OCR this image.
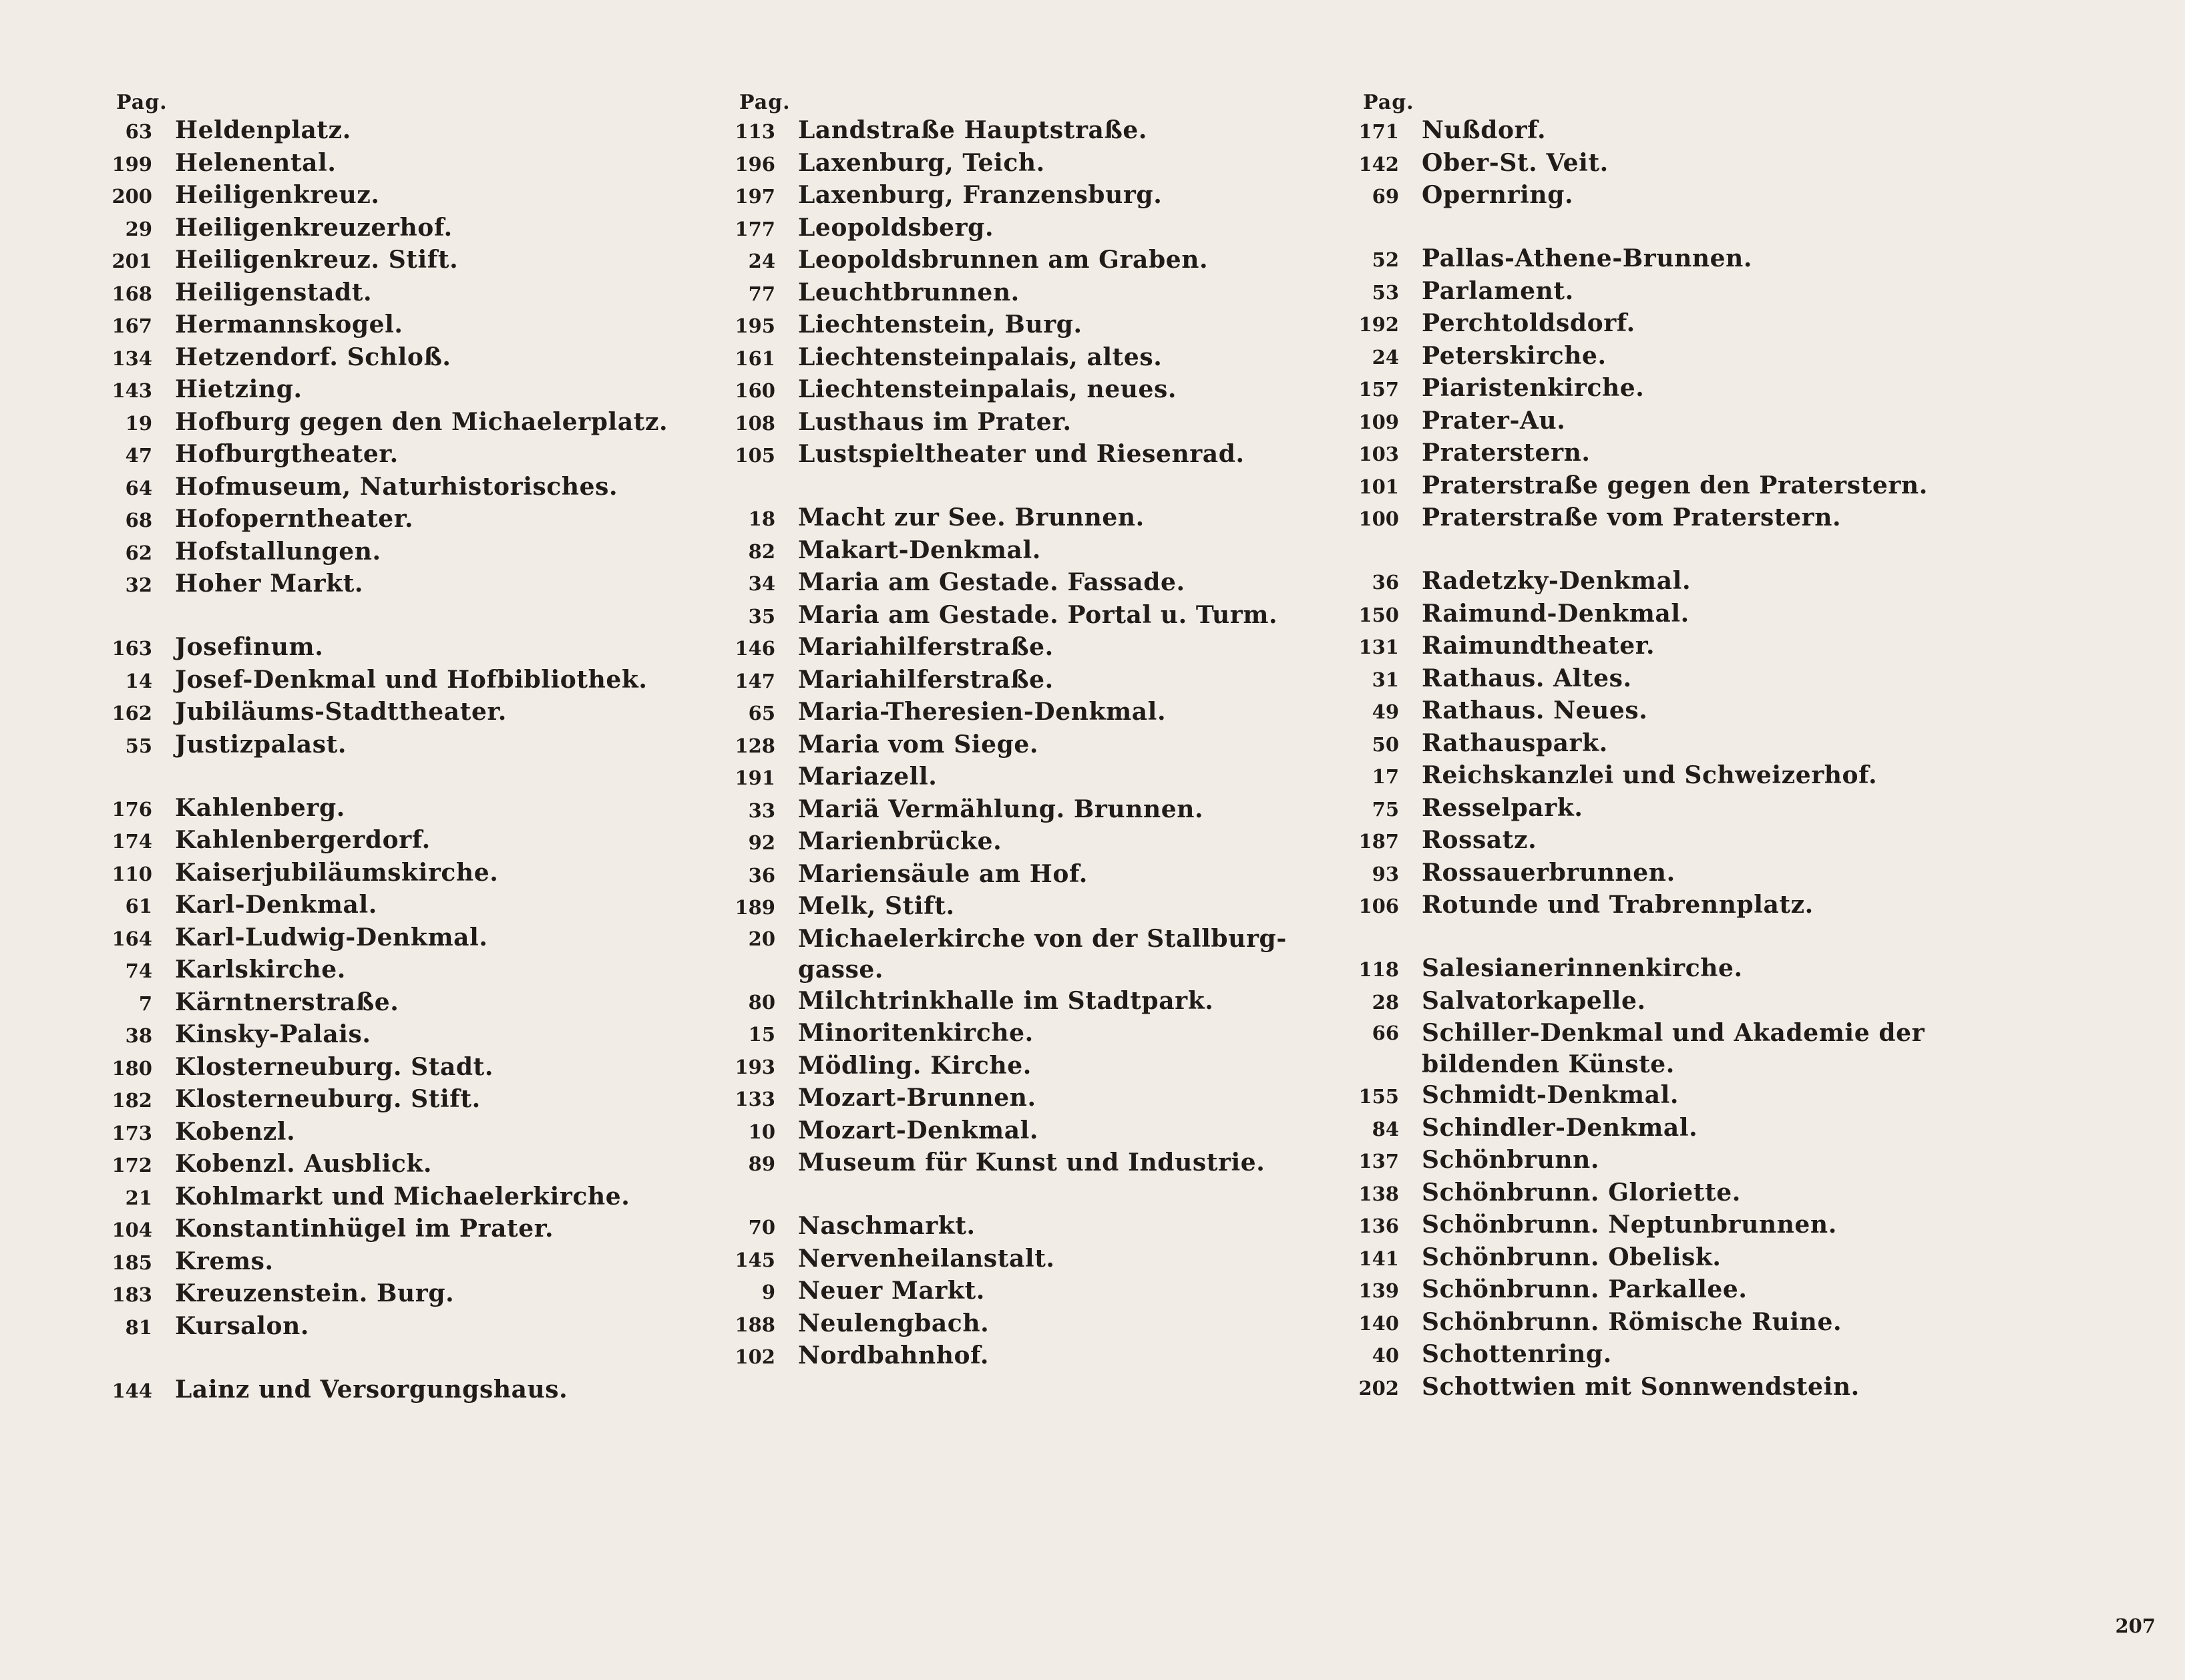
Pag.
63 Heldenplatz.
199 Helenental.
200 Heiligenkreuz.
29 Heiligenkreuzerhof.
201 Heiligenkreuz. Stift.
168 Heiligenstadt.
167 Hermannskogel.
134 Hetzendorf. Schloß.
143 Hietzing.
19 Hofburg gegen den Michaelerplatz.
47 Hofburgtheater.
64 Hofmuseum, Naturhistorisches.
68 Hofoperntheater.
62 Hofstallungen.
32 Hoher Markt.
163 Josefinum.
14 Josef-Denkmal und Hofbibliothek.
162 Jubiläums-Stadttheater.
55 Justizpalast.
176 Kahlenberg.
174 Kahlenbergerdorf.
110 Kaiserjubiläumskirche.
61 Karl-Denkmal.
164 Karl-Ludwig-Denkmal.
74 Karlskirche.
7 Kärntnerstraße.
38 Kinsky-Palais.
180 Klosterneuburg. Stadt.
182 Klosterneuburg. Stift.
173 Kobenzl.
172 Kobenzl. Ausblick.
21 Kohlmarkt und Michaelerkirche.
104 Konstantinhügel im Prater.
185 Krems.
183 Kreuzenstein. Burg.
81 Kursalon.
144 Lainz und Versorgungshaus.
Pag.
113 Landstraße Hauptstraße.
196 Laxenburg, Teich.
197 Laxenburg, Franzensburg.
177 Leopoldsberg.
24 Leopoldsbrunnen am Graben.
77 Leuchtbrunnen.
195 Liechtenstein, Burg.
161 Liechtensteinpalais, altes.
160 Liechtensteinpalais, neues.
108 Lusthaus im Prater.
105 Lustspieltheater und Riesenrad.
18 Macht zur See. Brunnen.
82 Makart-Denkmal.
34 Maria am Gestade. Fassade.
35 Maria am Gestade. Portal u. Turm.
146 Mariahilferstraße.
147 Mariahilferstraße.
65 Maria-Theresien-Denkmal.
128 Maria vom Siege.
191 Mariazell.
33 Mariä Vermählung. Brunnen.
92 Marienbrücke.
36 Mariensäule am Hof.
189 Melk, Stift.
20 Michaelerkirche von der Stallburg-
gasse.
80 Milchtrinkhalle im Stadtpark.
15 Minoritenkirche.
193 Mödling. Kirche.
133 Mozart-Brunnen.
10 Mozart-Denkmal.
89 Museum für Kunst und Industrie.
70 Naschmarkt.
145 Nervenheilanstalt.
9 Neuer Markt.
188 Neulengbach.
102 Nordbahnhof.
Pag.
171 Nußdorf.
142 Ober-St. Veit.
69 Opernring.
52 Pallas-Athene-Brunnen.
53 Parlament.
192 Perchtoldsdorf.
24 Peterskirche.
157 Piaristenkirche.
109 Prater-Au.
103 Praterstern.
101 Praterstraße gegen den Praterstern.
100 Praterstraße vom Praterstern.
36 Radetzky-Denkmal.
150 Raimund-Denkmal.
131 Raimundtheater.
31 Rathaus. Altes.
49 Rathaus. Neues.
50 Rathauspark.
17 Reichskanzlei und Schweizerhof.
75 Resselpark.
187 Rossatz.
93 Rossauerbrunnen.
106 Rotunde und Trabrennplatz.
118 Salesianerinnenkirche.
28 Salvatorkapelle.
66 Schiller-Denkmal und Akademie der
bildenden Künste.
155 Schmidt-Denkmal.
84 Schindler-Denkmal.
137 Schönbrunn.
138 Schönbrunn. Gloriette.
136 Schönbrunn. Neptunbrunnen.
141 Schönbrunn. Obelisk.
139 Schönbrunn. Parkallee.
140 Schönbrunn. Römische Ruine.
40 Schottenring.
202 Schottwien mit Sonnwendstein.
207
